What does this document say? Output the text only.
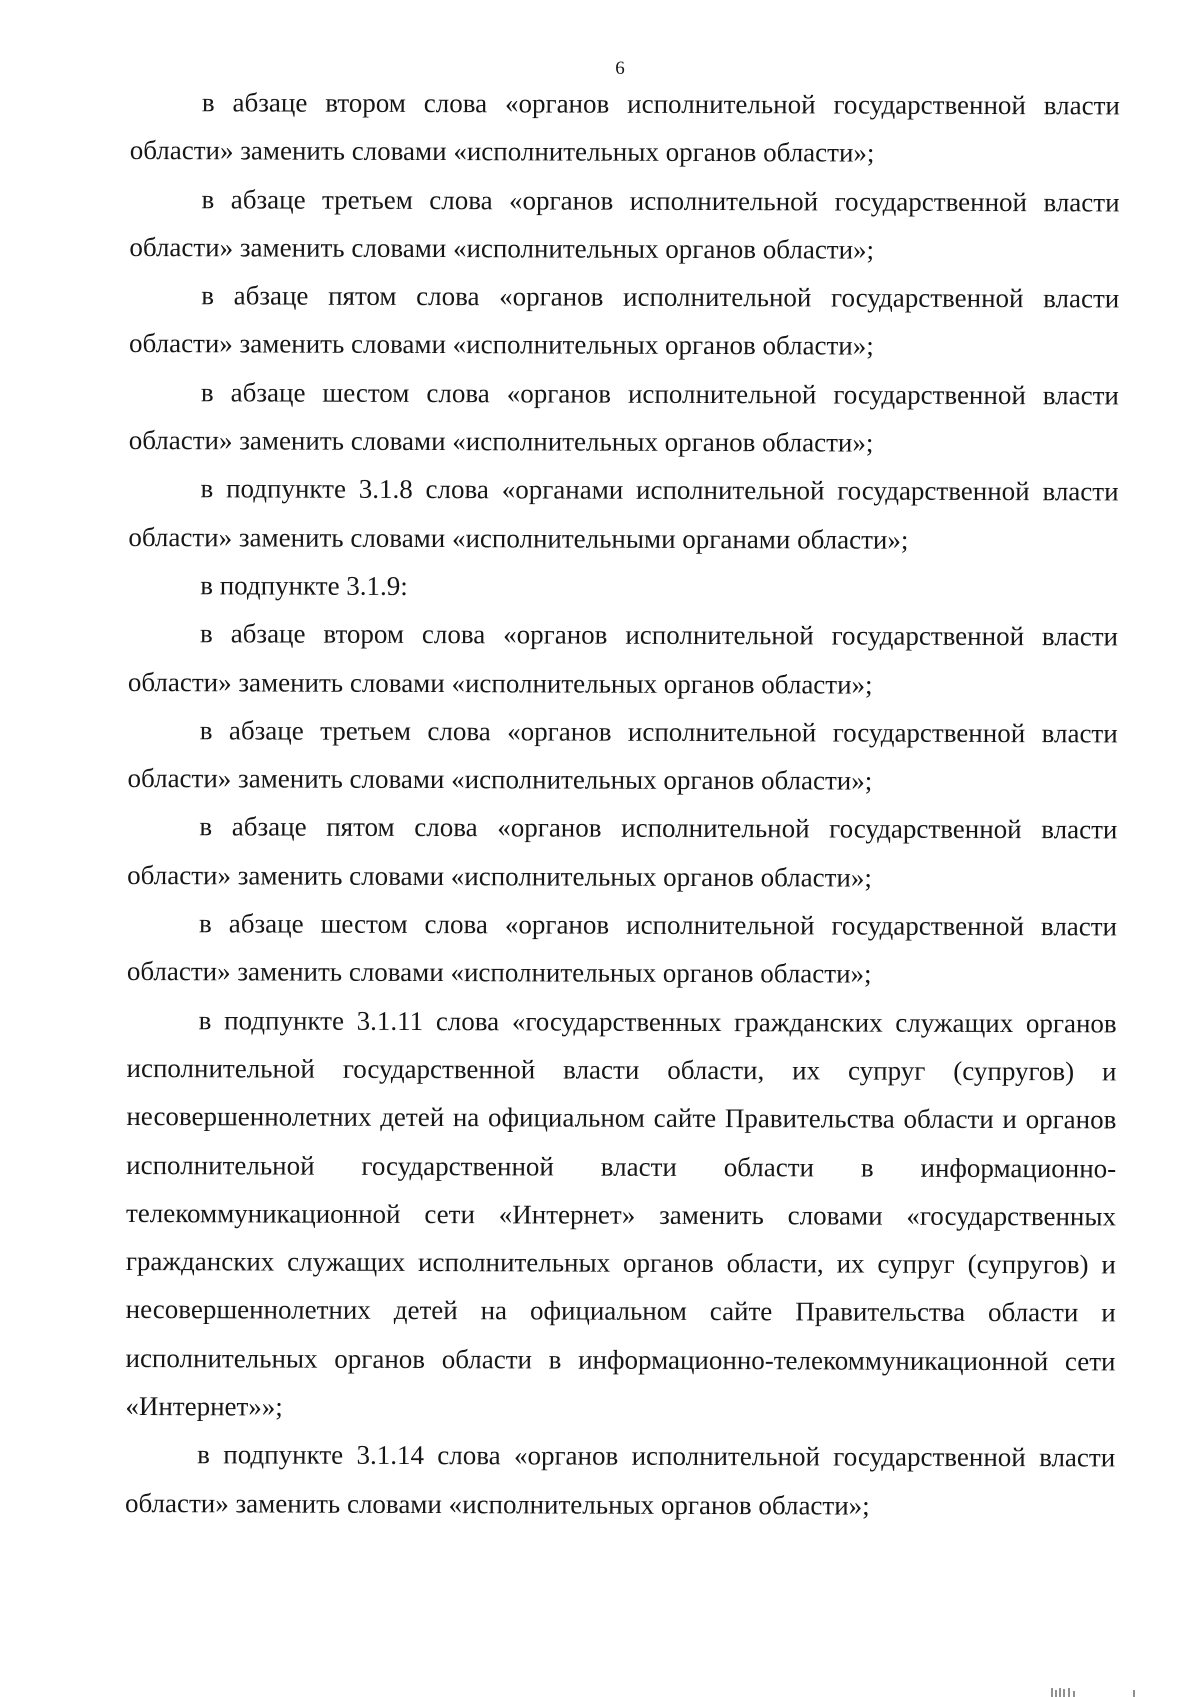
6

в абзаце втором слова «органов исполнительной государственной власти области» заменить словами «исполнительных органов области»;

в абзаце третьем слова «органов исполнительной государственной власти области» заменить словами «исполнительных органов области»;

в абзаце пятом слова «органов исполнительной государственной власти области» заменить словами «исполнительных органов области»;

в абзаце шестом слова «органов исполнительной государственной власти области» заменить словами «исполнительных органов области»;

в подпункте 3.1.8 слова «органами исполнительной государственной власти области» заменить словами «исполнительными органами области»;

в подпункте 3.1.9:

в абзаце втором слова «органов исполнительной государственной власти области» заменить словами «исполнительных органов области»;

в абзаце третьем слова «органов исполнительной государственной власти области» заменить словами «исполнительных органов области»;

в абзаце пятом слова «органов исполнительной государственной власти области» заменить словами «исполнительных органов области»;

в абзаце шестом слова «органов исполнительной государственной власти области» заменить словами «исполнительных органов области»;

в подпункте 3.1.11 слова «государственных гражданских служащих органов исполнительной государственной власти области, их супруг (супругов) и несовершеннолетних детей на официальном сайте Правительства области и органов исполнительной государственной власти области в информационно-телекоммуникационной сети «Интернет» заменить словами «государственных гражданских служащих исполнительных органов области, их супруг (супругов) и несовершеннолетних детей на официальном сайте Правительства области и исполнительных органов области в информационно-телекоммуникационной сети «Интернет»»;

в подпункте 3.1.14 слова «органов исполнительной государственной власти области» заменить словами «исполнительных органов области»;
